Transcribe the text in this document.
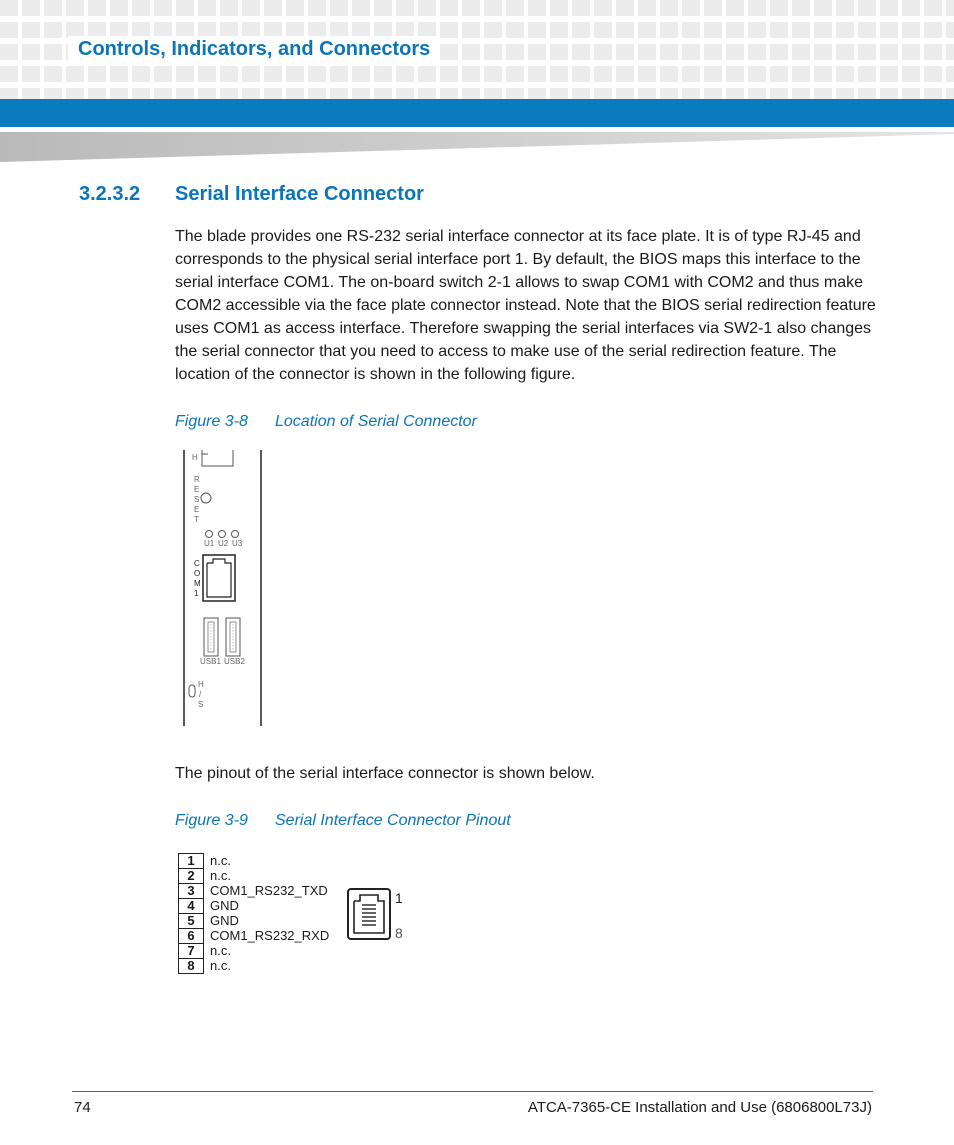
Controls, Indicators, and Connectors
3.2.3.2 Serial Interface Connector
The blade provides one RS-232 serial interface connector at its face plate. It is of type RJ-45 and corresponds to the physical serial interface port 1. By default, the BIOS maps this interface to the serial interface COM1. The on-board switch 2-1 allows to swap COM1 with COM2 and thus make COM2 accessible via the face plate connector instead. Note that the BIOS serial redirection feature uses COM1 as access interface. Therefore swapping the serial interfaces via SW2-1 also changes the serial connector that you need to access to make use of the serial redirection feature. The location of the connector is shown in the following figure.
Figure 3-8 Location of Serial Connector
H
R
E
S
E
T
U1 U2 U3
C
O
M
1
USB1 USB2
H
/
S
The pinout of the serial interface connector is shown below.
Figure 3-9 Serial Interface Connector Pinout
1	n.c.
2	n.c.
3	COM1_RS232_TXD
4	GND
5	GND
6	COM1_RS232_RXD
7	n.c.
8	n.c.
1
8
74	ATCA-7365-CE Installation and Use (6806800L73J)
